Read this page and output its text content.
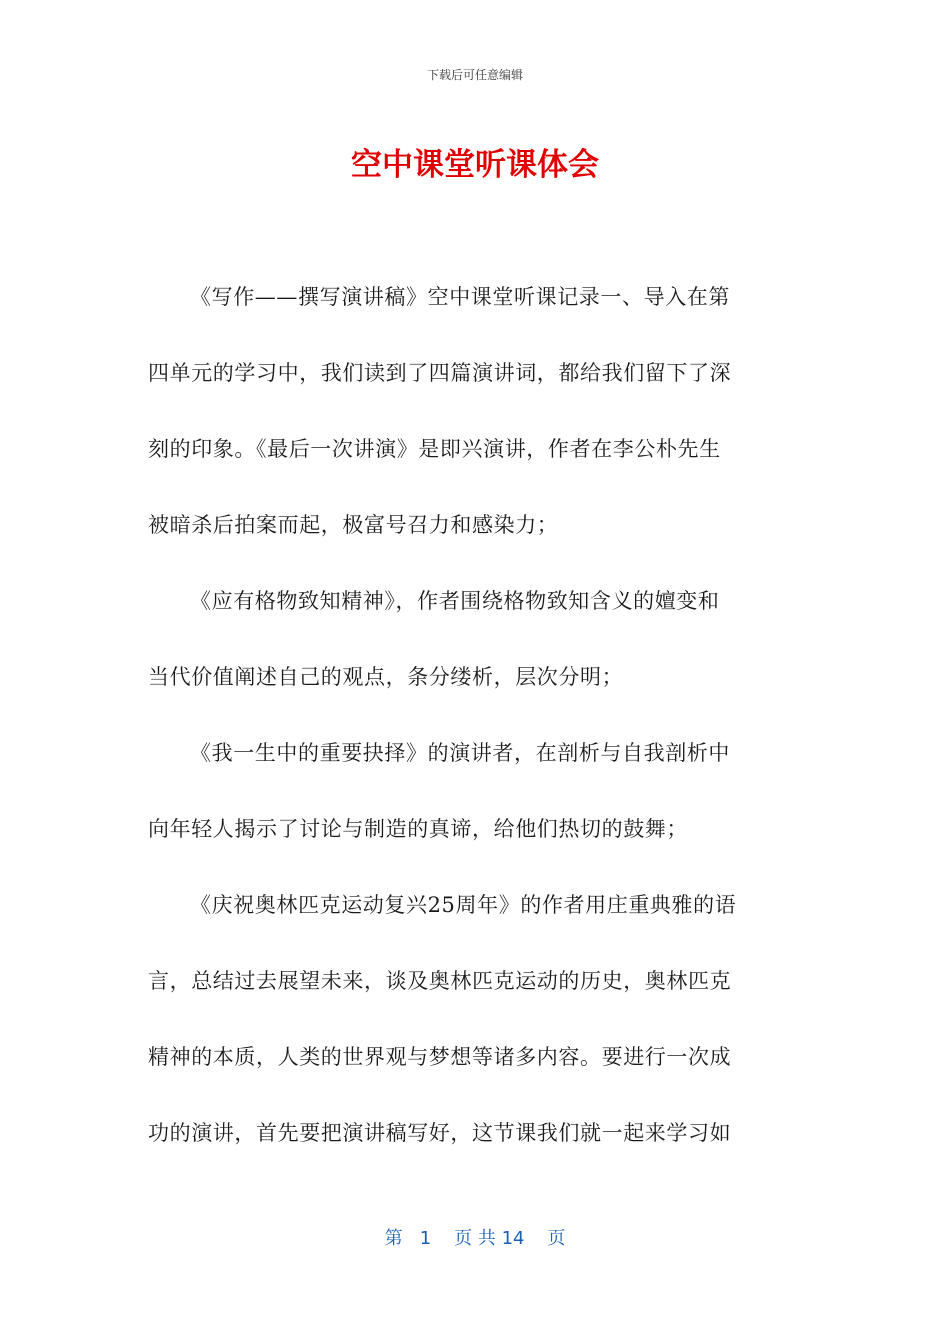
下载后可任意编辑
空中课堂听课体会
《写作——撰写演讲稿》空中课堂听课记录一、导入在第
四单元的学习中，我们读到了四篇演讲词，都给我们留下了深
刻的印象。《最后一次讲演》是即兴演讲，作者在李公朴先生
被暗杀后拍案而起，极富号召力和感染力；
《应有格物致知精神》，作者围绕格物致知含义的嬗变和
当代价值阐述自己的观点，条分缕析，层次分明；
《我一生中的重要抉择》的演讲者，在剖析与自我剖析中
向年轻人揭示了讨论与制造的真谛，给他们热切的鼓舞；
《庆祝奥林匹克运动复兴25周年》的作者用庄重典雅的语
言，总结过去展望未来，谈及奥林匹克运动的历史，奥林匹克
精神的本质，人类的世界观与梦想等诸多内容。要进行一次成
功的演讲，首先要把演讲稿写好，这节课我们就一起来学习如
第 1 页 共 14 页
